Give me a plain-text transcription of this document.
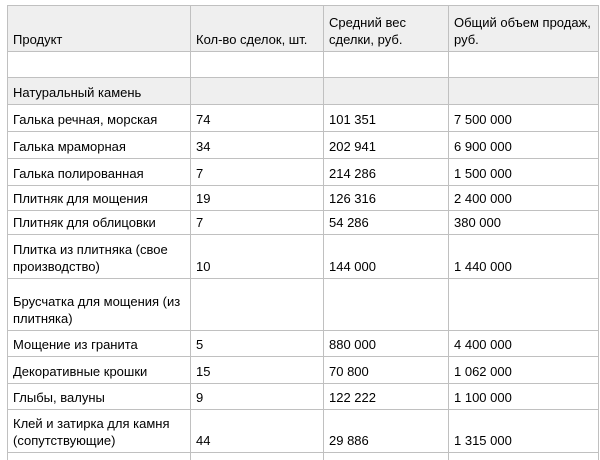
Продукт	Кол-во сделок, шт.	Средний вес сделки, руб.	Общий объем продаж, руб.

Натуральный камень			
Галька речная, морская	74	101 351	7 500 000
Галька мраморная	34	202 941	6 900 000
Галька полированная	7	214 286	1 500 000
Плитняк для мощения	19	126 316	2 400 000
Плитняк для облицовки	7	54 286	380 000
Плитка из плитняка (свое производство)	10	144 000	1 440 000
Брусчатка для мощения (из плитняка)			
Мощение из гранита	5	880 000	4 400 000
Декоративные крошки	15	70 800	1 062 000
Глыбы, валуны	9	122 222	1 100 000
Клей и затирка для камня (сопутствующие)	44	29 886	1 315 000
